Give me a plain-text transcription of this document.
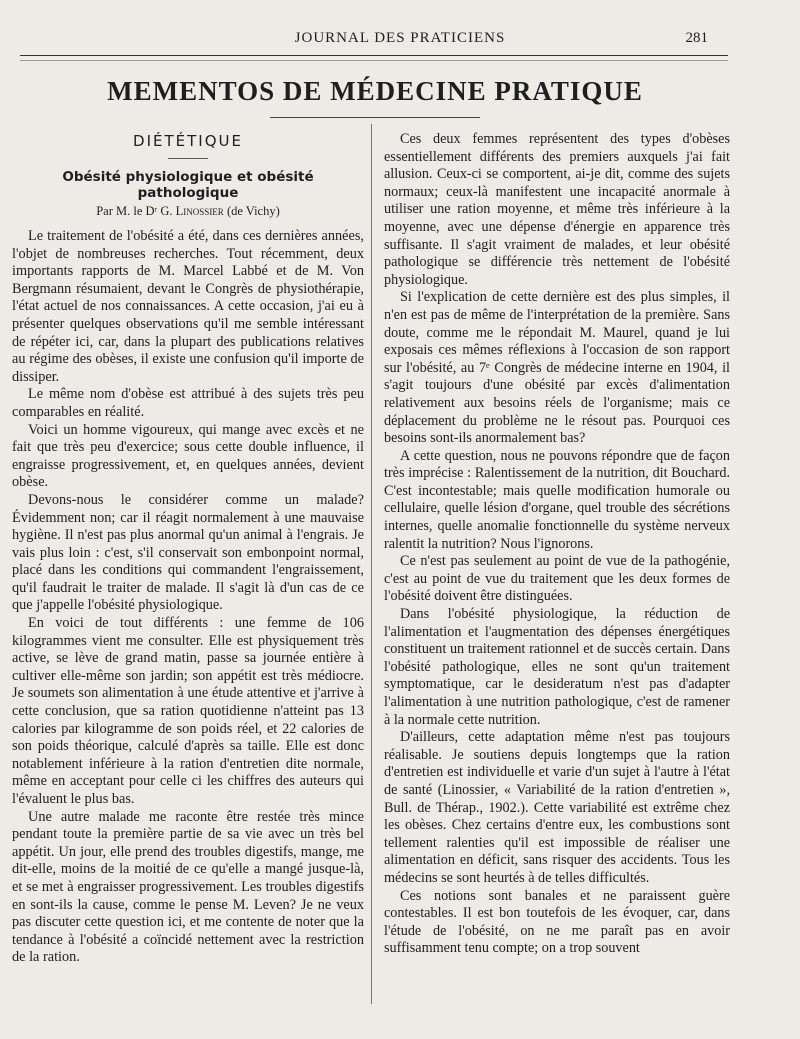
JOURNAL DES PRATICIENS	281
MEMENTOS DE MÉDECINE PRATIQUE
DIÉTÉTIQUE
Obésité physiologique et obésité pathologique
Par M. le Dʳ G. Linossier (de Vichy)

Le traitement de l'obésité a été, dans ces dernières années, l'objet de nombreuses recherches. Tout récemment, deux importants rapports de M. Marcel Labbé et de M. Von Bergmann résumaient, devant le Congrès de physiothérapie, l'état actuel de nos connaissances. A cette occasion, j'ai eu à présenter quelques observations qu'il me semble intéressant de répéter ici, car, dans la plupart des publications relatives au régime des obèses, il existe une confusion qu'il importe de dissiper.

Le même nom d'obèse est attribué à des sujets très peu comparables en réalité.

Voici un homme vigoureux, qui mange avec excès et ne fait que très peu d'exercice; sous cette double influence, il engraisse progressivement, et, en quelques années, devient obèse.

Devons-nous le considérer comme un malade? Évidemment non; car il réagit normalement à une mauvaise hygiène. Il n'est pas plus anormal qu'un animal à l'engrais. Je vais plus loin : c'est, s'il conservait son embonpoint normal, placé dans les conditions qui commandent l'engraissement, qu'il faudrait le traiter de malade. Il s'agit là d'un cas de ce que j'appelle l'obésité physiologique.

En voici de tout différents : une femme de 106 kilogrammes vient me consulter. Elle est physiquement très active, se lève de grand matin, passe sa journée entière à cultiver elle-même son jardin; son appétit est très médiocre. Je soumets son alimentation à une étude attentive et j'arrive à cette conclusion, que sa ration quotidienne n'atteint pas 13 calories par kilogramme de son poids réel, et 22 calories de son poids théorique, calculé d'après sa taille. Elle est donc notablement inférieure à la ration d'entretien dite normale, même en acceptant pour celle ci les chiffres des auteurs qui l'évaluent le plus bas.

Une autre malade me raconte être restée très mince pendant toute la première partie de sa vie avec un très bel appétit. Un jour, elle prend des troubles digestifs, mange, me dit-elle, moins de la moitié de ce qu'elle a mangé jusque-là, et se met à engraisser progressivement. Les troubles digestifs en sont-ils la cause, comme le pense M. Leven? Je ne veux pas discuter cette question ici, et me contente de noter que la tendance à l'obésité a coïncidé nettement avec la restriction de la ration.

Ces deux femmes représentent des types d'obèses essentiellement différents des premiers auxquels j'ai fait allusion. Ceux-ci se comportent, ai-je dit, comme des sujets normaux; ceux-là manifestent une incapacité anormale à utiliser une ration moyenne, et même très inférieure à la moyenne, avec une dépense d'énergie en apparence très suffisante. Il s'agit vraiment de malades, et leur obésité pathologique se différencie très nettement de l'obésité physiologique.

Si l'explication de cette dernière est des plus simples, il n'en est pas de même de l'interprétation de la première. Sans doute, comme me le répondait M. Maurel, quand je lui exposais ces mêmes réflexions à l'occasion de son rapport sur l'obésité, au 7ᵉ Congrès de médecine interne en 1904, il s'agit toujours d'une obésité par excès d'alimentation relativement aux besoins réels de l'organisme; mais ce déplacement du problème ne le résout pas. Pourquoi ces besoins sont-ils anormalement bas?

A cette question, nous ne pouvons répondre que de façon très imprécise : Ralentissement de la nutrition, dit Bouchard. C'est incontestable; mais quelle modification humorale ou cellulaire, quelle lésion d'organe, quel trouble des sécrétions internes, quelle anomalie fonctionnelle du système nerveux ralentit la nutrition? Nous l'ignorons.

Ce n'est pas seulement au point de vue de la pathogénie, c'est au point de vue du traitement que les deux formes de l'obésité doivent être distinguées.

Dans l'obésité physiologique, la réduction de l'alimentation et l'augmentation des dépenses énergétiques constituent un traitement rationnel et de succès certain. Dans l'obésité pathologique, elles ne sont qu'un traitement symptomatique, car le desideratum n'est pas d'adapter l'alimentation à une nutrition pathologique, c'est de ramener à la normale cette nutrition.

D'ailleurs, cette adaptation même n'est pas toujours réalisable. Je soutiens depuis longtemps que la ration d'entretien est individuelle et varie d'un sujet à l'autre à l'état de santé (Linossier, « Variabilité de la ration d'entretien », Bull. de Thérap., 1902.). Cette variabilité est extrême chez les obèses. Chez certains d'entre eux, les combustions sont tellement ralenties qu'il est impossible de réaliser une alimentation en déficit, sans risquer des accidents. Tous les médecins se sont heurtés à de telles difficultés.

Ces notions sont banales et ne paraissent guère contestables. Il est bon toutefois de les évoquer, car, dans l'étude de l'obésité, on ne me paraît pas en avoir suffisamment tenu compte; on a trop souvent
